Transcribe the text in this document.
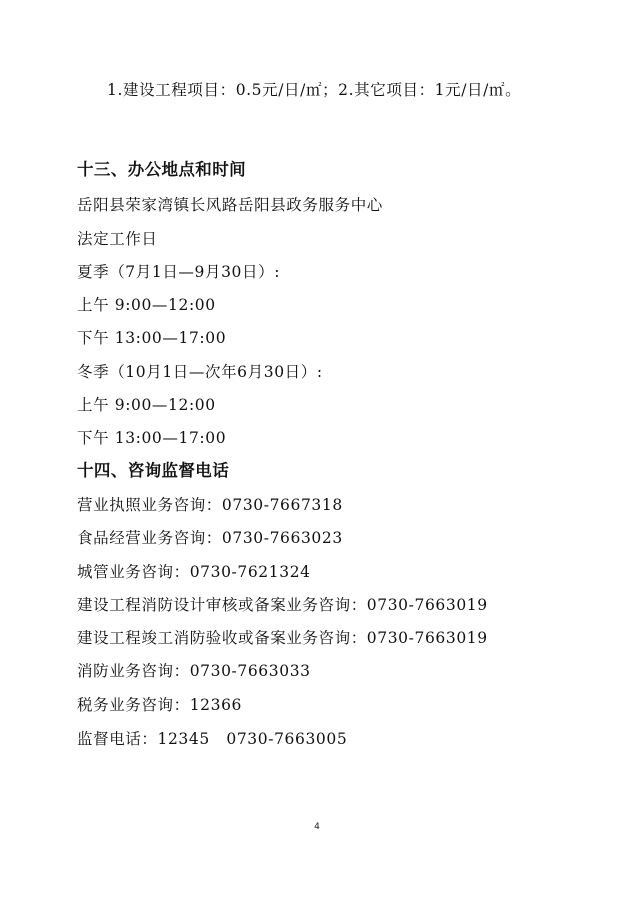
1.建设工程项目：0.5元/日/㎡；2.其它项目：1元/日/㎡。
十三、办公地点和时间
岳阳县荣家湾镇长风路岳阳县政务服务中心
法定工作日
夏季（7月1日—9月30日）:
上午 9:00—12:00
下午 13:00—17:00
冬季（10月1日—次年6月30日）:
上午 9:00—12:00
下午 13:00—17:00
十四、咨询监督电话
营业执照业务咨询：0730-7667318
食品经营业务咨询：0730-7663023
城管业务咨询：0730-7621324
建设工程消防设计审核或备案业务咨询：0730-7663019
建设工程竣工消防验收或备案业务咨询：0730-7663019
消防业务咨询：0730-7663033
税务业务咨询：12366
监督电话：12345   0730-7663005
4
